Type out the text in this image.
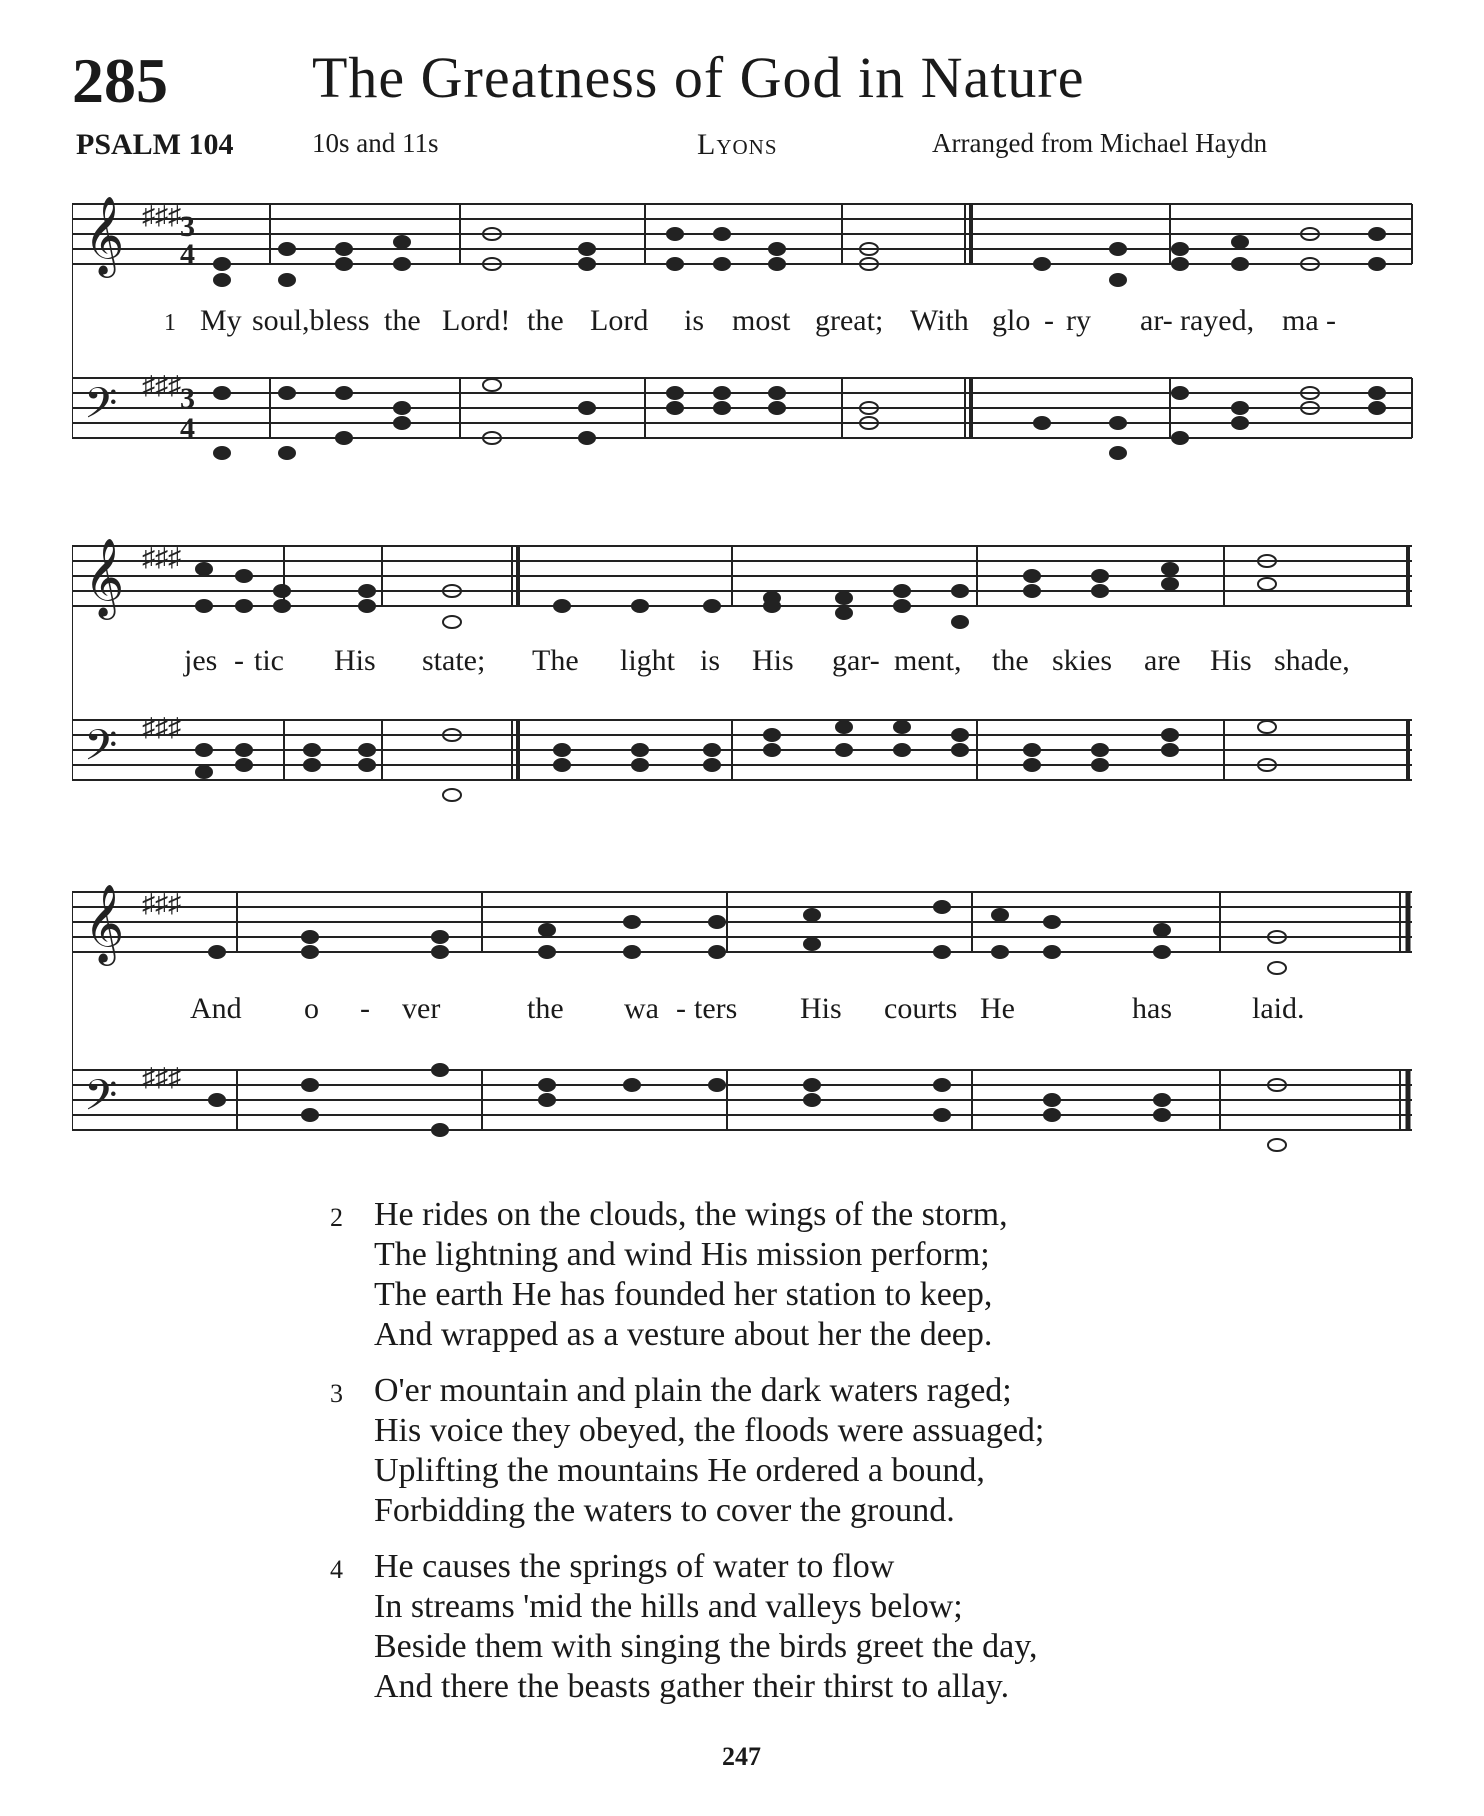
285 The Greatness of God in Nature
PSALM 104	10s and 11s	Lyons	Arranged from Michael Haydn
𝄞
𝄢
♯♯♯
♯♯♯
3
4
3
4
1 My soul,bless the Lord! the Lord is most great; With glo - ry ar- rayed, ma -
𝄞
𝄢
♯♯♯
♯♯♯
jes - tic His state; The light is His gar- ment, the skies are His shade,
𝄞
𝄢
♯♯♯
♯♯♯
And o - ver	the wa - ters His courts He	has	laid.
2 He rides on the clouds, the wings of the storm,
The lightning and wind His mission perform;
The earth He has founded her station to keep,
And wrapped as a vesture about her the deep.
3 O'er mountain and plain the dark waters raged;
His voice they obeyed, the floods were assuaged;
Uplifting the mountains He ordered a bound,
Forbidding the waters to cover the ground.
4 He causes the springs of water to flow
In streams 'mid the hills and valleys below;
Beside them with singing the birds greet the day,
And there the beasts gather their thirst to allay.
247
